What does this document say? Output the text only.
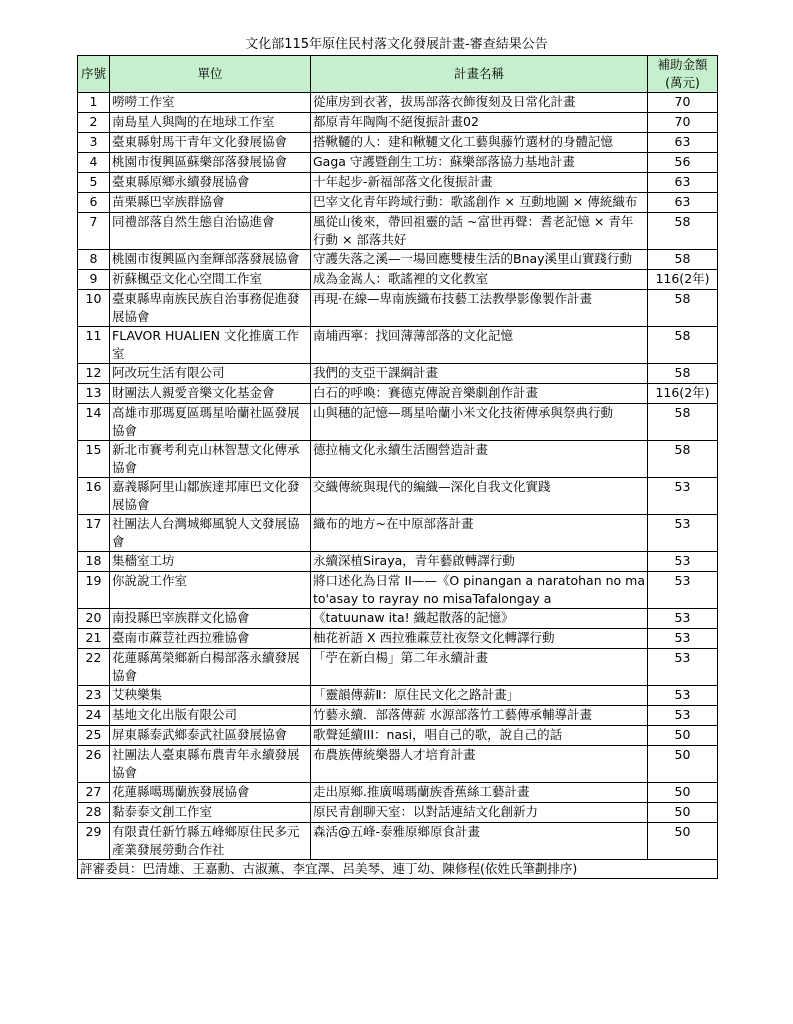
文化部115年原住民村落文化發展計畫-審查結果公告
序號	單位	計畫名稱	補助金額(萬元)

1	嘮嘮工作室	從庫房到衣著，拔馬部落衣飾復刻及日常化計畫	70

2	南島星人與陶的在地球工作室	都原青年陶陶不絕復振計畫02	70

3	臺東縣射馬干青年文化發展協會	搭鞦韆的人：建和鞦韆文化工藝與藤竹選材的身體記憶	63

4	桃園市復興區蘇樂部落發展協會	Gaga 守護暨創生工坊：蘇樂部落協力基地計畫	56

5	臺東縣原鄉永續發展協會	十年起步-新福部落文化復振計畫	63

6	苗栗縣巴宰族群協會	巴宰文化青年跨域行動：歌謠創作 × 互動地圖 × 傳統織布	63

7	同禮部落自然生態自治協進會	風從山後來，帶回祖靈的話 ~富世再聲：耆老記憶 × 青年行動 × 部落共好	58

8	桃園市復興區內奎輝部落發展協會	守護失落之溪—一場回應雙棲生活的Bnay溪里山實踐行動	58

9	祈蘇楓亞文化心空間工作室	成為金嵩人：歌謠裡的文化教室	116(2年)

10	臺東縣卑南族民族自治事務促進發展協會	再現·在線—卑南族織布技藝工法教學影像製作計畫	58

11	FLAVOR HUALIEN 文化推廣工作室	南埔西寧：找回薄薄部落的文化記憶	58

12	阿改玩生活有限公司	我們的支亞干課綱計畫	58

13	財團法人親愛音樂文化基金會	白石的呼喚：賽德克傳說音樂劇創作計畫	116(2年)

14	高雄市那瑪夏區瑪星哈蘭社區發展協會	山與穗的記憶—瑪星哈蘭小米文化技術傳承與祭典行動	58

15	新北市賽考利克山林智慧文化傳承協會	德拉楠文化永續生活圈營造計畫	58

16	嘉義縣阿里山鄒族達邦庫巴文化發展協會	交織傳統與現代的編織—深化自我文化實踐	53

17	社團法人台灣城鄉風貌人文發展協會	織布的地方~在中原部落計畫	53

18	集穡室工坊	永續深植Siraya，青年藝啟轉譯行動	53

19	你說說工作室	將口述化為日常 II——《O pinangan a naratohan no mato'asay to rayray no misaTafalongay a	53

20	南投縣巴宰族群文化協會	《tatuunaw ita! 織起散落的記憶》	53

21	臺南市蔴荳社西拉雅協會	柚花祈語 X 西拉雅蔴荳社夜祭文化轉譯行動	53

22	花蓮縣萬榮鄉新白楊部落永續發展協會	「苧在新白楊」第二年永續計畫	53

23	艾秧樂集	「靈韻傳薪Ⅱ：原住民文化之路計畫」	53

24	基地文化出版有限公司	竹藝永續．部落傳薪 水源部落竹工藝傳承輔導計畫	53

25	屏東縣泰武鄉泰武社區發展協會	歌聲延續III：nasi，唱自己的歌，說自己的話	50

26	社團法人臺東縣布農青年永續發展協會	布農族傳統樂器人才培育計畫	50

27	花蓮縣噶瑪蘭族發展協會	走出原鄉.推廣噶瑪蘭族香蕉絲工藝計畫	50

28	黏泰泰文創工作室	原民青創聊天室：以對話連結文化創新力	50

29	有限責任新竹縣五峰鄉原住民多元產業發展勞動合作社	森活@五峰-泰雅原鄉原食計畫	50

評審委員：巴清雄、王嘉勳、古淑薰、李宜澤、呂美琴、連丁幼、陳修程(依姓氏筆劃排序)			
